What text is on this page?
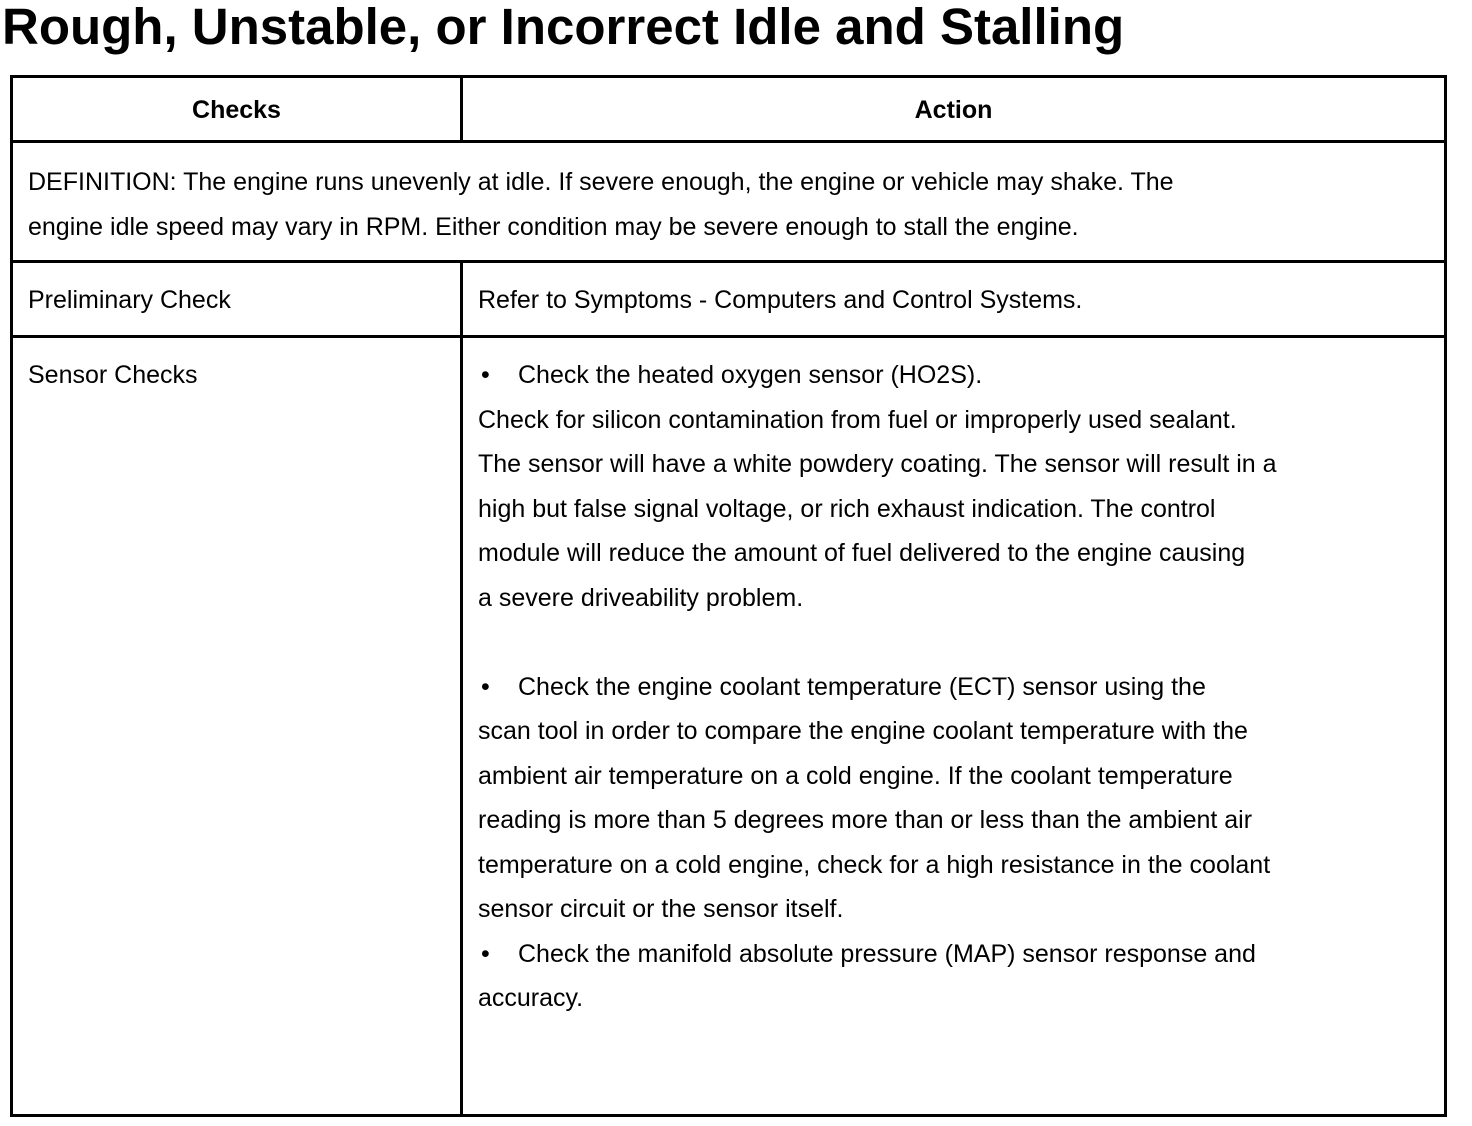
Rough, Unstable, or Incorrect Idle and Stalling
Checks	Action
DEFINITION: The engine runs unevenly at idle. If severe enough, the engine or vehicle may shake. The
engine idle speed may vary in RPM. Either condition may be severe enough to stall the engine.
Preliminary Check	Refer to Symptoms - Computers and Control Systems.
Sensor Checks	• Check the heated oxygen sensor (HO2S).
Check for silicon contamination from fuel or improperly used sealant.
The sensor will have a white powdery coating. The sensor will result in a
high but false signal voltage, or rich exhaust indication. The control
module will reduce the amount of fuel delivered to the engine causing
a severe driveability problem.
• Check the engine coolant temperature (ECT) sensor using the
scan tool in order to compare the engine coolant temperature with the
ambient air temperature on a cold engine. If the coolant temperature
reading is more than 5 degrees more than or less than the ambient air
temperature on a cold engine, check for a high resistance in the coolant
sensor circuit or the sensor itself.
• Check the manifold absolute pressure (MAP) sensor response and
accuracy.
